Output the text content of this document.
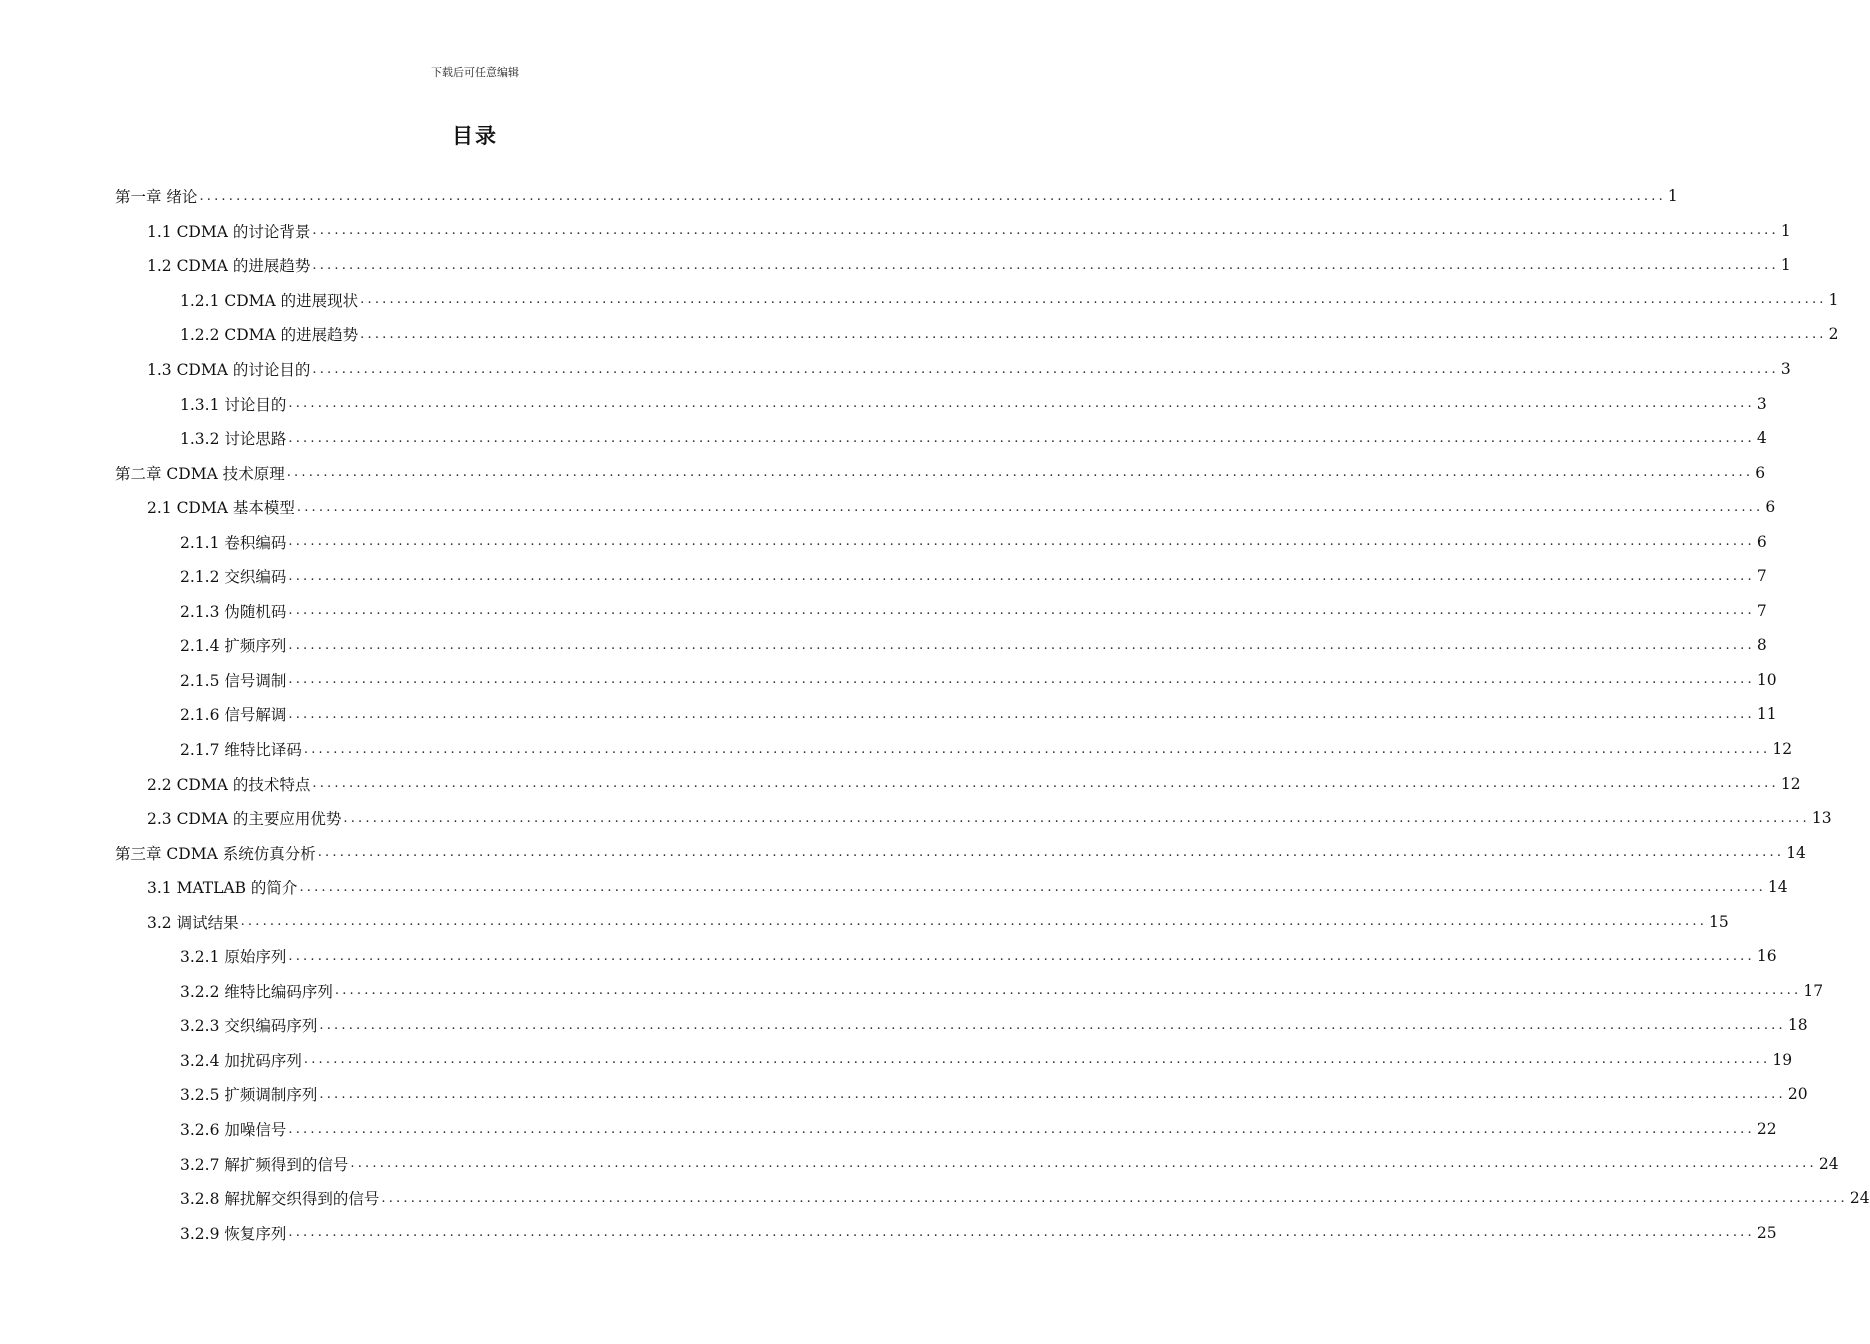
下载后可任意编辑
目录
第一章 绪论 ........................................................................................................................................................................................................ 1
1.1 CDMA 的讨论背景 ........................................................................................................................................................................................................ 1
1.2 CDMA 的进展趋势 ........................................................................................................................................................................................................ 1
1.2.1 CDMA 的进展现状 ........................................................................................................................................................................................................ 1
1.2.2 CDMA 的进展趋势 ........................................................................................................................................................................................................ 2
1.3 CDMA 的讨论目的 ........................................................................................................................................................................................................ 3
1.3.1 讨论目的 ........................................................................................................................................................................................................ 3
1.3.2 讨论思路 ........................................................................................................................................................................................................ 4
第二章 CDMA 技术原理 ........................................................................................................................................................................................................ 6
2.1 CDMA 基本模型 ........................................................................................................................................................................................................ 6
2.1.1 卷积编码 ........................................................................................................................................................................................................ 6
2.1.2 交织编码 ........................................................................................................................................................................................................ 7
2.1.3 伪随机码 ........................................................................................................................................................................................................ 7
2.1.4 扩频序列 ........................................................................................................................................................................................................ 8
2.1.5 信号调制 ........................................................................................................................................................................................................ 10
2.1.6 信号解调 ........................................................................................................................................................................................................ 11
2.1.7 维特比译码 ........................................................................................................................................................................................................ 12
2.2 CDMA 的技术特点 ........................................................................................................................................................................................................ 12
2.3 CDMA 的主要应用优势 ........................................................................................................................................................................................................ 13
第三章 CDMA 系统仿真分析 ........................................................................................................................................................................................................ 14
3.1 MATLAB 的简介 ........................................................................................................................................................................................................ 14
3.2 调试结果 ........................................................................................................................................................................................................ 15
3.2.1 原始序列 ........................................................................................................................................................................................................ 16
3.2.2 维特比编码序列 ........................................................................................................................................................................................................ 17
3.2.3 交织编码序列 ........................................................................................................................................................................................................ 18
3.2.4 加扰码序列 ........................................................................................................................................................................................................ 19
3.2.5 扩频调制序列 ........................................................................................................................................................................................................ 20
3.2.6 加噪信号 ........................................................................................................................................................................................................ 22
3.2.7 解扩频得到的信号 ........................................................................................................................................................................................................ 24
3.2.8 解扰解交织得到的信号 ........................................................................................................................................................................................................ 24
3.2.9 恢复序列 ........................................................................................................................................................................................................ 25
